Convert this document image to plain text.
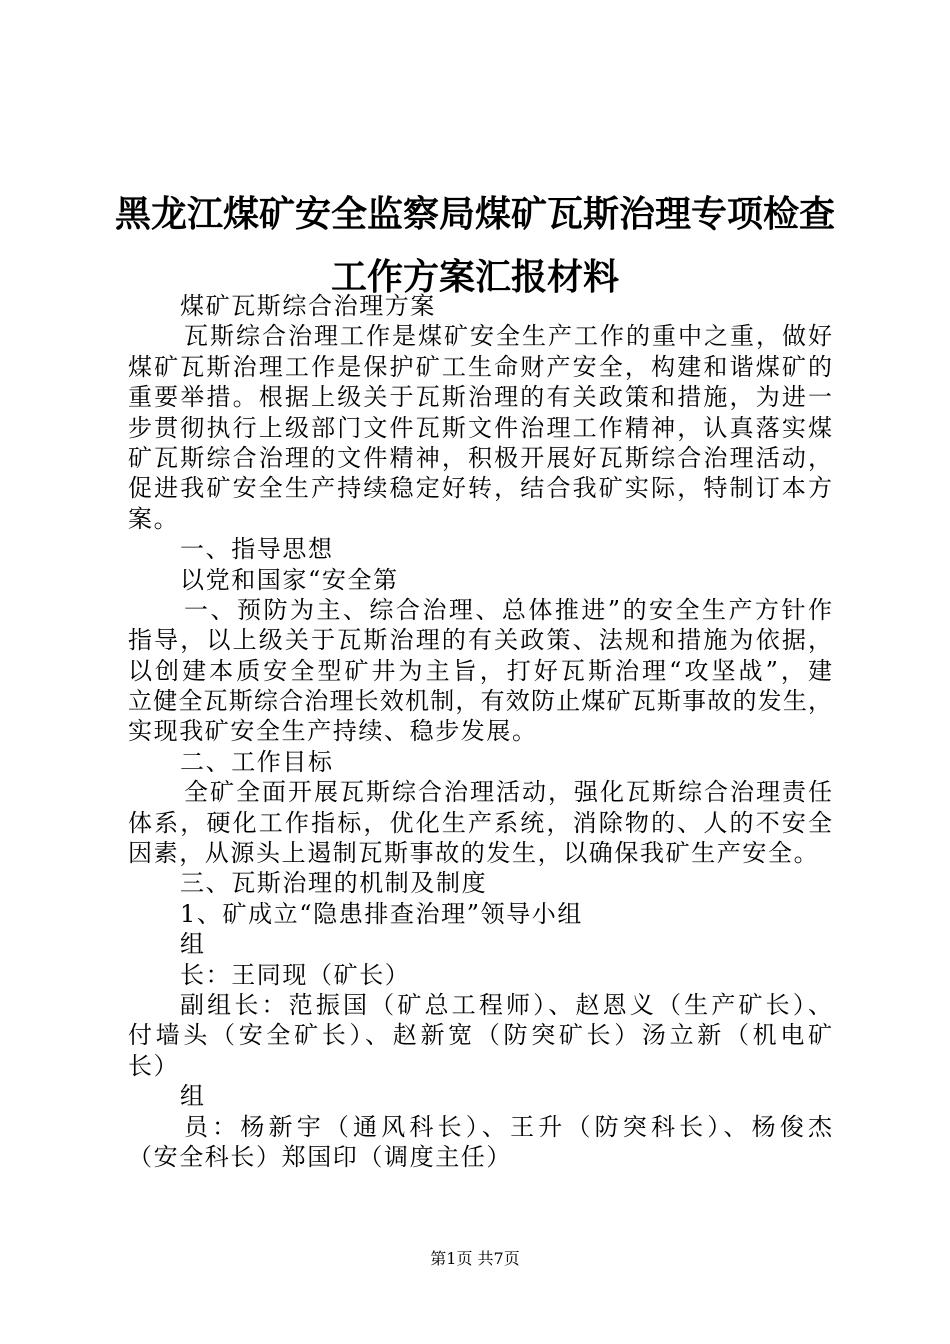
黑龙江煤矿安全监察局煤矿瓦斯治理专项检查
工作方案汇报材料
煤矿瓦斯综合治理方案
瓦斯综合治理工作是煤矿安全生产工作的重中之重，做好
煤矿瓦斯治理工作是保护矿工生命财产安全，构建和谐煤矿的
重要举措。根据上级关于瓦斯治理的有关政策和措施，为进一
步贯彻执行上级部门文件瓦斯文件治理工作精神，认真落实煤
矿瓦斯综合治理的文件精神，积极开展好瓦斯综合治理活动，
促进我矿安全生产持续稳定好转，结合我矿实际，特制订本方
案。
一、指导思想
以党和国家“安全第
一、预防为主、综合治理、总体推进”的安全生产方针作
指导，以上级关于瓦斯治理的有关政策、法规和措施为依据，
以创建本质安全型矿井为主旨，打好瓦斯治理“攻坚战”，建
立健全瓦斯综合治理长效机制，有效防止煤矿瓦斯事故的发生，
实现我矿安全生产持续、稳步发展。
二、工作目标
全矿全面开展瓦斯综合治理活动，强化瓦斯综合治理责任
体系，硬化工作指标，优化生产系统，消除物的、人的不安全
因素，从源头上遏制瓦斯事故的发生，以确保我矿生产安全。
三、瓦斯治理的机制及制度
1、矿成立“隐患排查治理”领导小组
组
长：王同现（矿长）
副组长：范振国（矿总工程师）、赵恩义（生产矿长）、
付墙头（安全矿长）、赵新宽（防突矿长）汤立新（机电矿
长）
组
员：杨新宇（通风科长）、王升（防突科长）、杨俊杰
（安全科长）郑国印（调度主任）
第1页 共7页
